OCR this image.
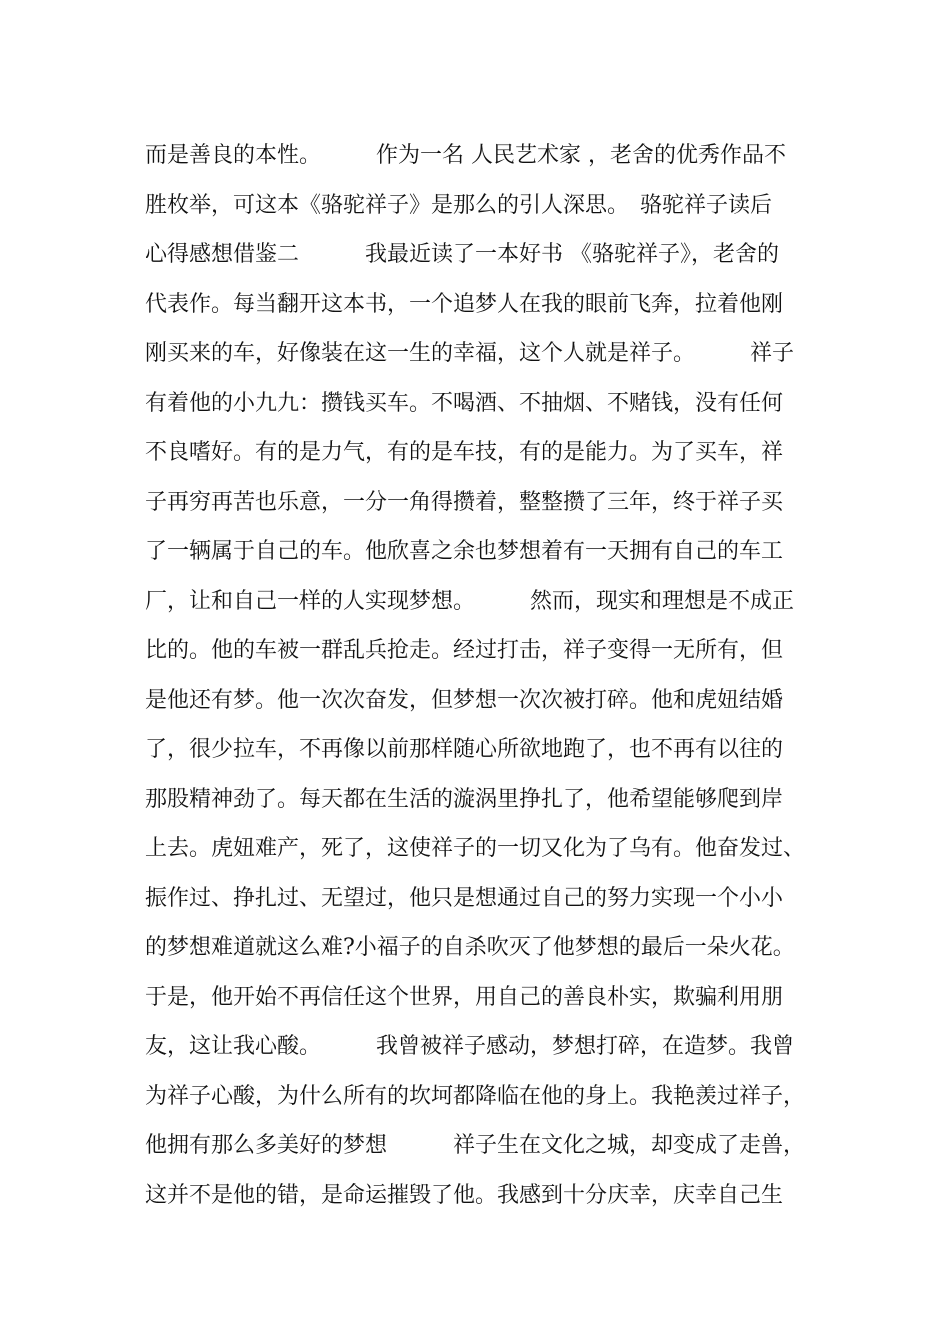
而是善良的本性。　　　作为一名 人民艺术家 ，老舍的优秀作品不
胜枚举，可这本《骆驼祥子》是那么的引人深思。　骆驼祥子读后
心得感想借鉴二　　　我最近读了一本好书 《骆驼祥子》，老舍的
代表作。每当翻开这本书，一个追梦人在我的眼前飞奔，拉着他刚
刚买来的车，好像装在这一生的幸福，这个人就是祥子。　　　祥子
有着他的小九九：攒钱买车。不喝酒、不抽烟、不赌钱，没有任何
不良嗜好。有的是力气，有的是车技，有的是能力。为了买车，祥
子再穷再苦也乐意，一分一角得攒着，整整攒了三年，终于祥子买
了一辆属于自己的车。他欣喜之余也梦想着有一天拥有自己的车工
厂，让和自己一样的人实现梦想。　　　然而，现实和理想是不成正
比的。他的车被一群乱兵抢走。经过打击，祥子变得一无所有，但
是他还有梦。他一次次奋发，但梦想一次次被打碎。他和虎妞结婚
了，很少拉车，不再像以前那样随心所欲地跑了，也不再有以往的
那股精神劲了。每天都在生活的漩涡里挣扎了，他希望能够爬到岸
上去。虎妞难产，死了，这使祥子的一切又化为了乌有。他奋发过、
振作过、挣扎过、无望过，他只是想通过自己的努力实现一个小小
的梦想难道就这么难?小福子的自杀吹灭了他梦想的最后一朵火花。
于是，他开始不再信任这个世界，用自己的善良朴实，欺骗利用朋
友，这让我心酸。　　　我曾被祥子感动，梦想打碎，在造梦。我曾
为祥子心酸，为什么所有的坎坷都降临在他的身上。我艳羡过祥子，
他拥有那么多美好的梦想　　　祥子生在文化之城，却变成了走兽，
这并不是他的错，是命运摧毁了他。我感到十分庆幸，庆幸自己生
